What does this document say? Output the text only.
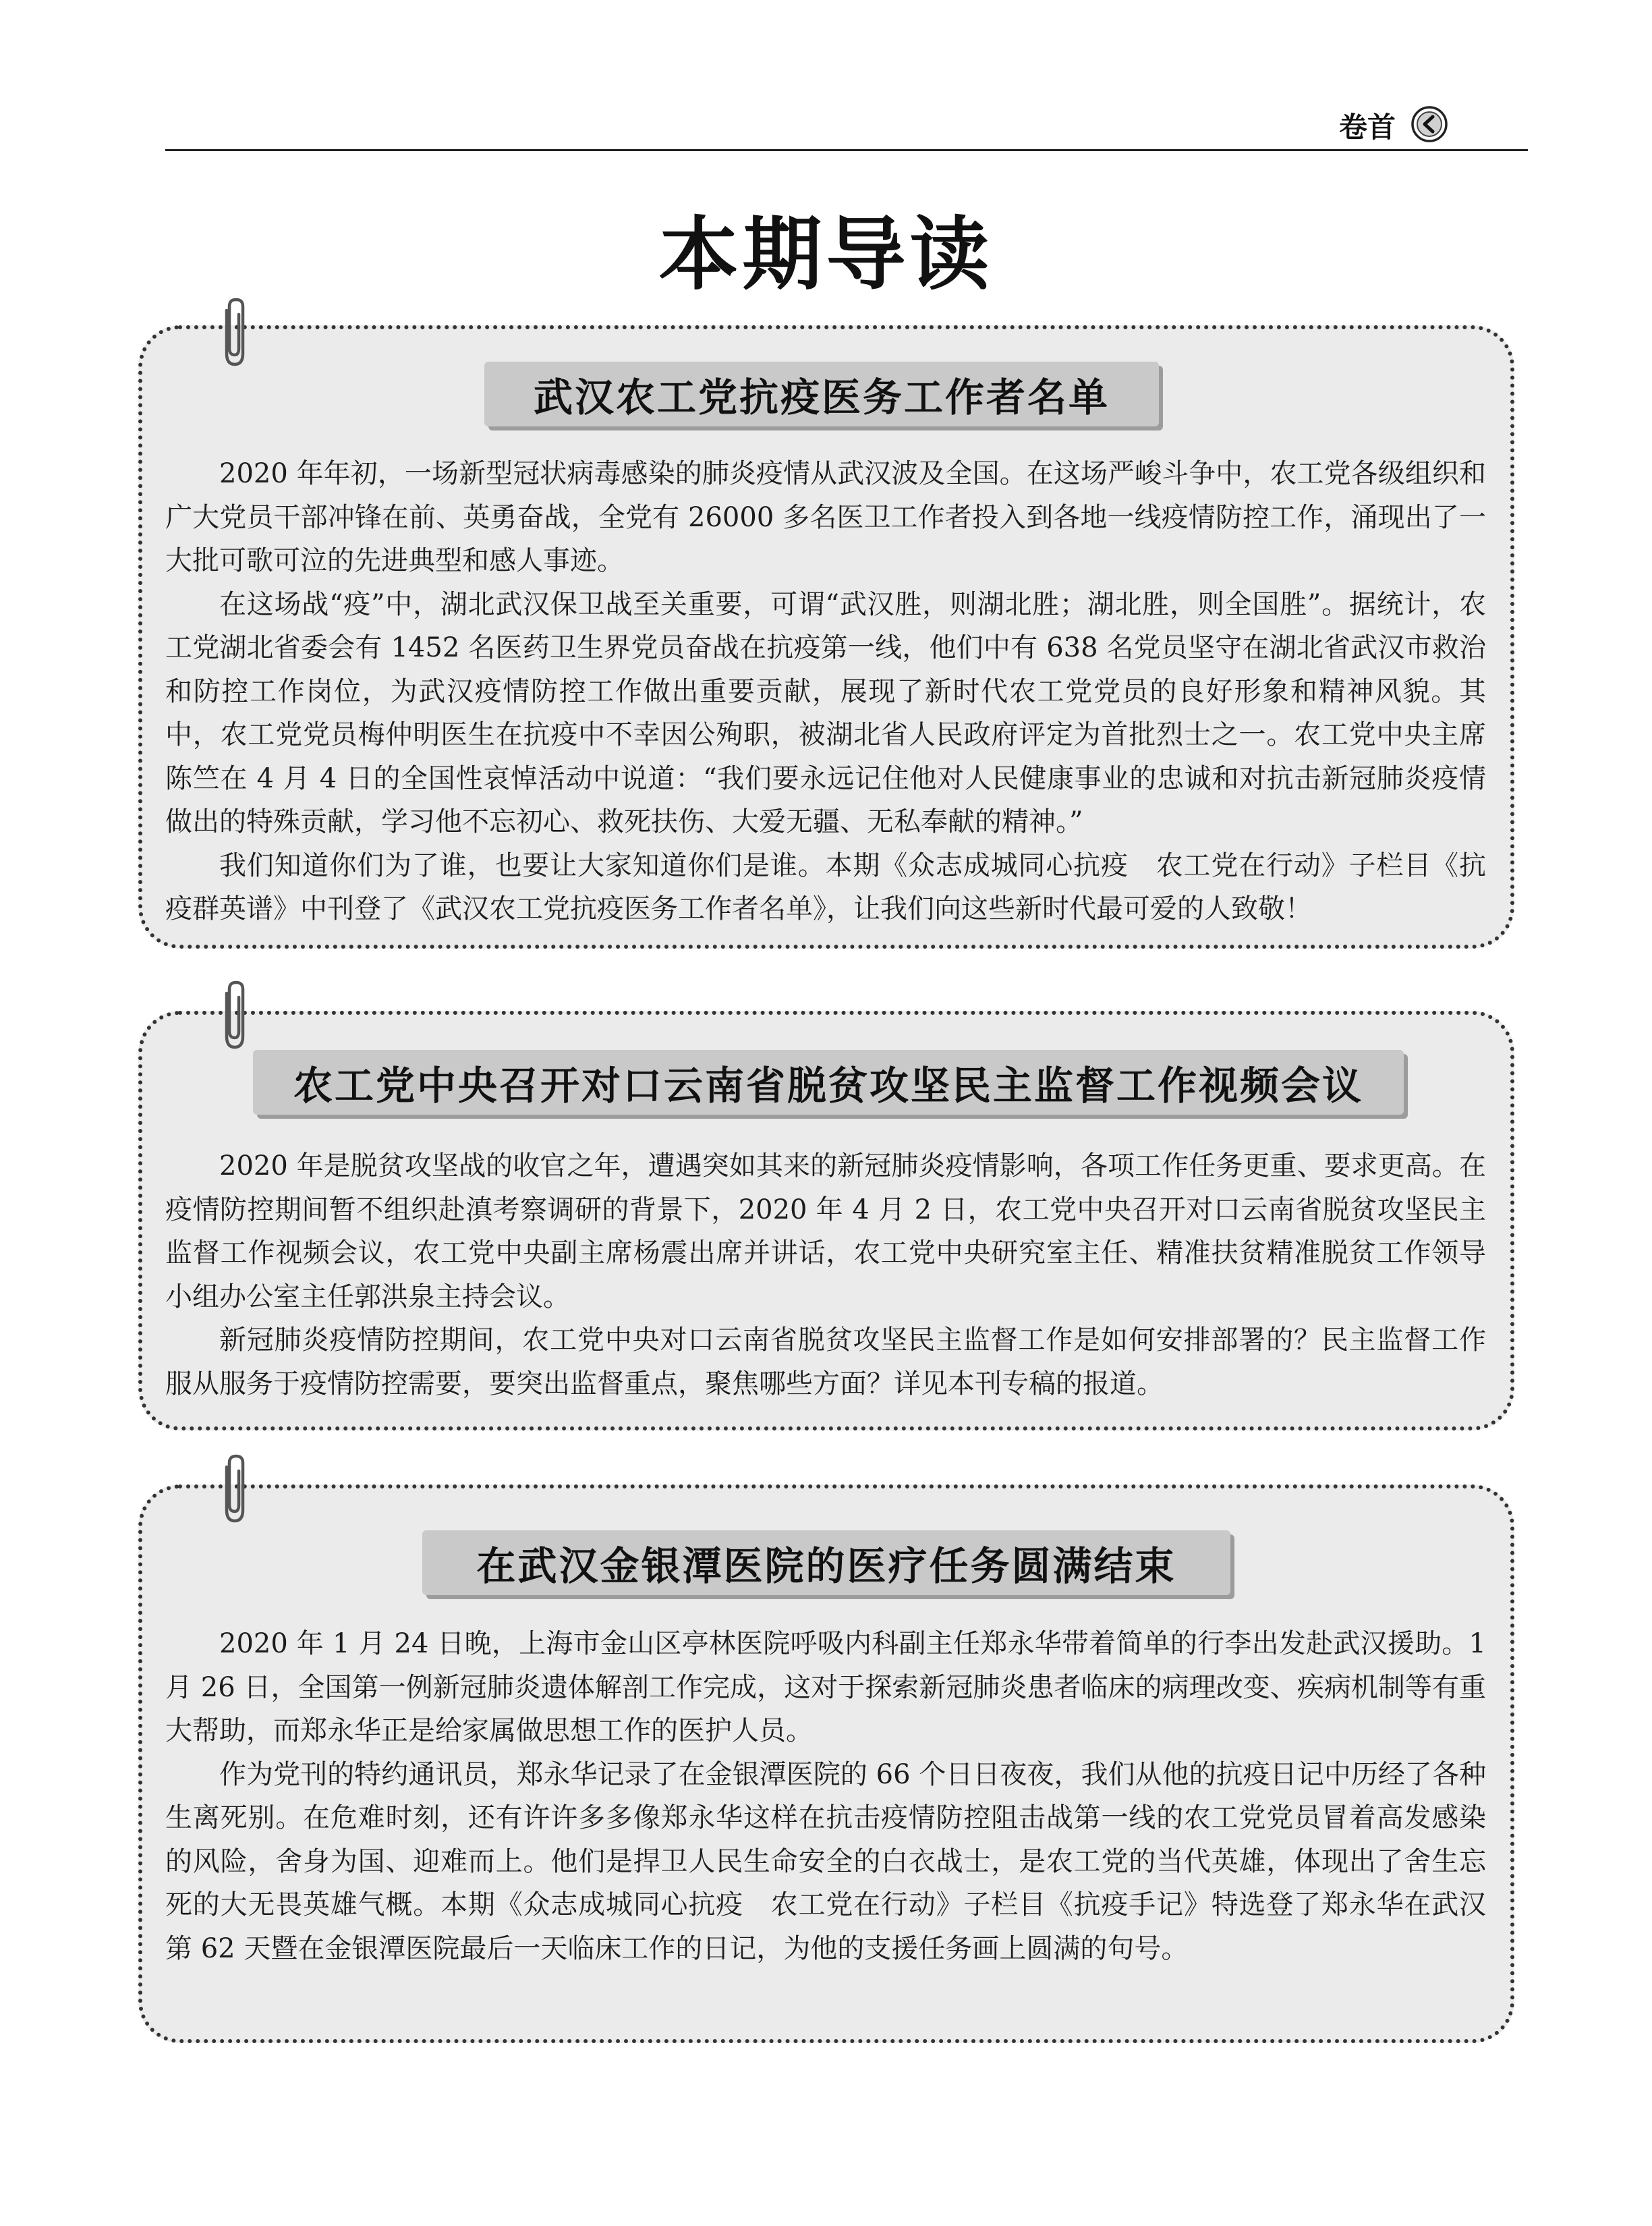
卷首
本期导读
武汉农工党抗疫医务工作者名单

2020 年年初，一场新型冠状病毒感染的肺炎疫情从武汉波及全国。在这场严峻斗争中，农工党各级组织和广大党员干部冲锋在前、英勇奋战，全党有 26000 多名医卫工作者投入到各地一线疫情防控工作，涌现出了一大批可歌可泣的先进典型和感人事迹。

在这场战“疫”中，湖北武汉保卫战至关重要，可谓“武汉胜，则湖北胜；湖北胜，则全国胜”。据统计，农工党湖北省委会有 1452 名医药卫生界党员奋战在抗疫第一线，他们中有 638 名党员坚守在湖北省武汉市救治和防控工作岗位，为武汉疫情防控工作做出重要贡献，展现了新时代农工党党员的良好形象和精神风貌。其中，农工党党员梅仲明医生在抗疫中不幸因公殉职，被湖北省人民政府评定为首批烈士之一。农工党中央主席陈竺在 4 月 4 日的全国性哀悼活动中说道：“我们要永远记住他对人民健康事业的忠诚和对抗击新冠肺炎疫情做出的特殊贡献，学习他不忘初心、救死扶伤、大爱无疆、无私奉献的精神。”

我们知道你们为了谁，也要让大家知道你们是谁。本期《众志成城同心抗疫　农工党在行动》子栏目《抗疫群英谱》中刊登了《武汉农工党抗疫医务工作者名单》，让我们向这些新时代最可爱的人致敬！

农工党中央召开对口云南省脱贫攻坚民主监督工作视频会议

2020 年是脱贫攻坚战的收官之年，遭遇突如其来的新冠肺炎疫情影响，各项工作任务更重、要求更高。在疫情防控期间暂不组织赴滇考察调研的背景下，2020 年 4 月 2 日，农工党中央召开对口云南省脱贫攻坚民主监督工作视频会议，农工党中央副主席杨震出席并讲话，农工党中央研究室主任、精准扶贫精准脱贫工作领导小组办公室主任郭洪泉主持会议。

新冠肺炎疫情防控期间，农工党中央对口云南省脱贫攻坚民主监督工作是如何安排部署的？民主监督工作服从服务于疫情防控需要，要突出监督重点，聚焦哪些方面？详见本刊专稿的报道。

在武汉金银潭医院的医疗任务圆满结束

2020 年 1 月 24 日晚，上海市金山区亭林医院呼吸内科副主任郑永华带着简单的行李出发赴武汉援助。1 月 26 日，全国第一例新冠肺炎遗体解剖工作完成，这对于探索新冠肺炎患者临床的病理改变、疾病机制等有重大帮助，而郑永华正是给家属做思想工作的医护人员。

作为党刊的特约通讯员，郑永华记录了在金银潭医院的 66 个日日夜夜，我们从他的抗疫日记中历经了各种生离死别。在危难时刻，还有许许多多像郑永华这样在抗击疫情防控阻击战第一线的农工党党员冒着高发感染的风险，舍身为国、迎难而上。他们是捍卫人民生命安全的白衣战士，是农工党的当代英雄，体现出了舍生忘死的大无畏英雄气概。本期《众志成城同心抗疫　农工党在行动》子栏目《抗疫手记》特选登了郑永华在武汉第 62 天暨在金银潭医院最后一天临床工作的日记，为他的支援任务画上圆满的句号。
